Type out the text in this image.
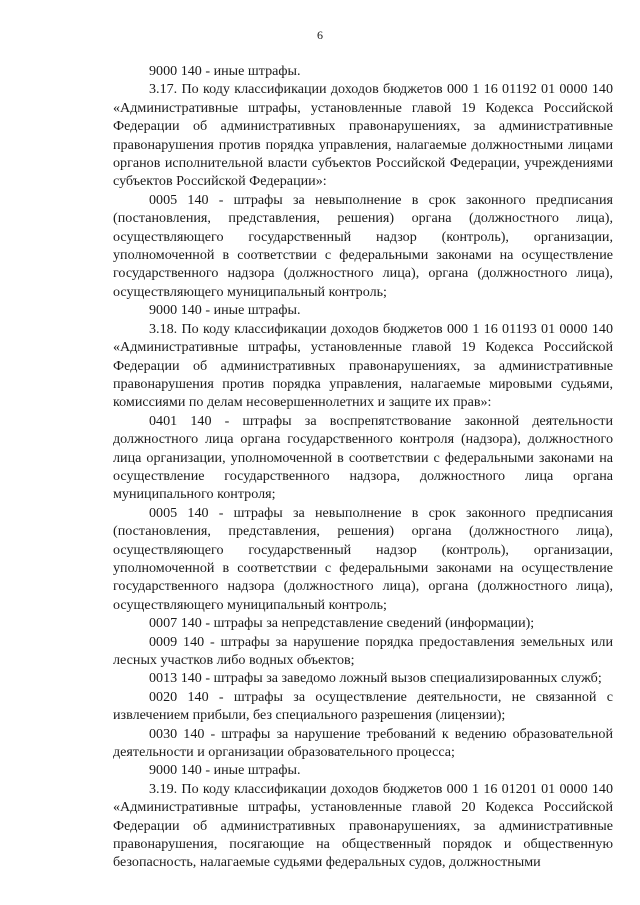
6

9000 140 - иные штрафы.

3.17. По коду классификации доходов бюджетов 000 1 16 01192 01 0000 140 «Административные штрафы, установленные главой 19 Кодекса Российской Федерации об административных правонарушениях, за административные правонарушения против порядка управления, налагаемые должностными лицами органов исполнительной власти субъектов Российской Федерации, учреждениями субъектов Российской Федерации»:

0005 140 - штрафы за невыполнение в срок законного предписания (постановления, представления, решения) органа (должностного лица), осуществляющего государственный надзор (контроль), организации, уполномоченной в соответствии с федеральными законами на осуществление государственного надзора (должностного лица), органа (должностного лица), осуществляющего муниципальный контроль;

9000 140 - иные штрафы.

3.18. По коду классификации доходов бюджетов 000 1 16 01193 01 0000 140 «Административные штрафы, установленные главой 19 Кодекса Российской Федерации об административных правонарушениях, за административные правонарушения против порядка управления, налагаемые мировыми судьями, комиссиями по делам несовершеннолетних и защите их прав»:

0401 140 - штрафы за воспрепятствование законной деятельности должностного лица органа государственного контроля (надзора), должностного лица организации, уполномоченной в соответствии с федеральными законами на осуществление государственного надзора, должностного лица органа муниципального контроля;

0005 140 - штрафы за невыполнение в срок законного предписания (постановления, представления, решения) органа (должностного лица), осуществляющего государственный надзор (контроль), организации, уполномоченной в соответствии с федеральными законами на осуществление государственного надзора (должностного лица), органа (должностного лица), осуществляющего муниципальный контроль;

0007 140 - штрафы за непредставление сведений (информации);

0009 140 - штрафы за нарушение порядка предоставления земельных или лесных участков либо водных объектов;

0013 140 - штрафы за заведомо ложный вызов специализированных служб;

0020 140 - штрафы за осуществление деятельности, не связанной с извлечением прибыли, без специального разрешения (лицензии);

0030 140 - штрафы за нарушение требований к ведению образовательной деятельности и организации образовательного процесса;

9000 140 - иные штрафы.

3.19. По коду классификации доходов бюджетов 000 1 16 01201 01 0000 140 «Административные штрафы, установленные главой 20 Кодекса Российской Федерации об административных правонарушениях, за административные правонарушения, посягающие на общественный порядок и общественную безопасность, налагаемые судьями федеральных судов, должностными
